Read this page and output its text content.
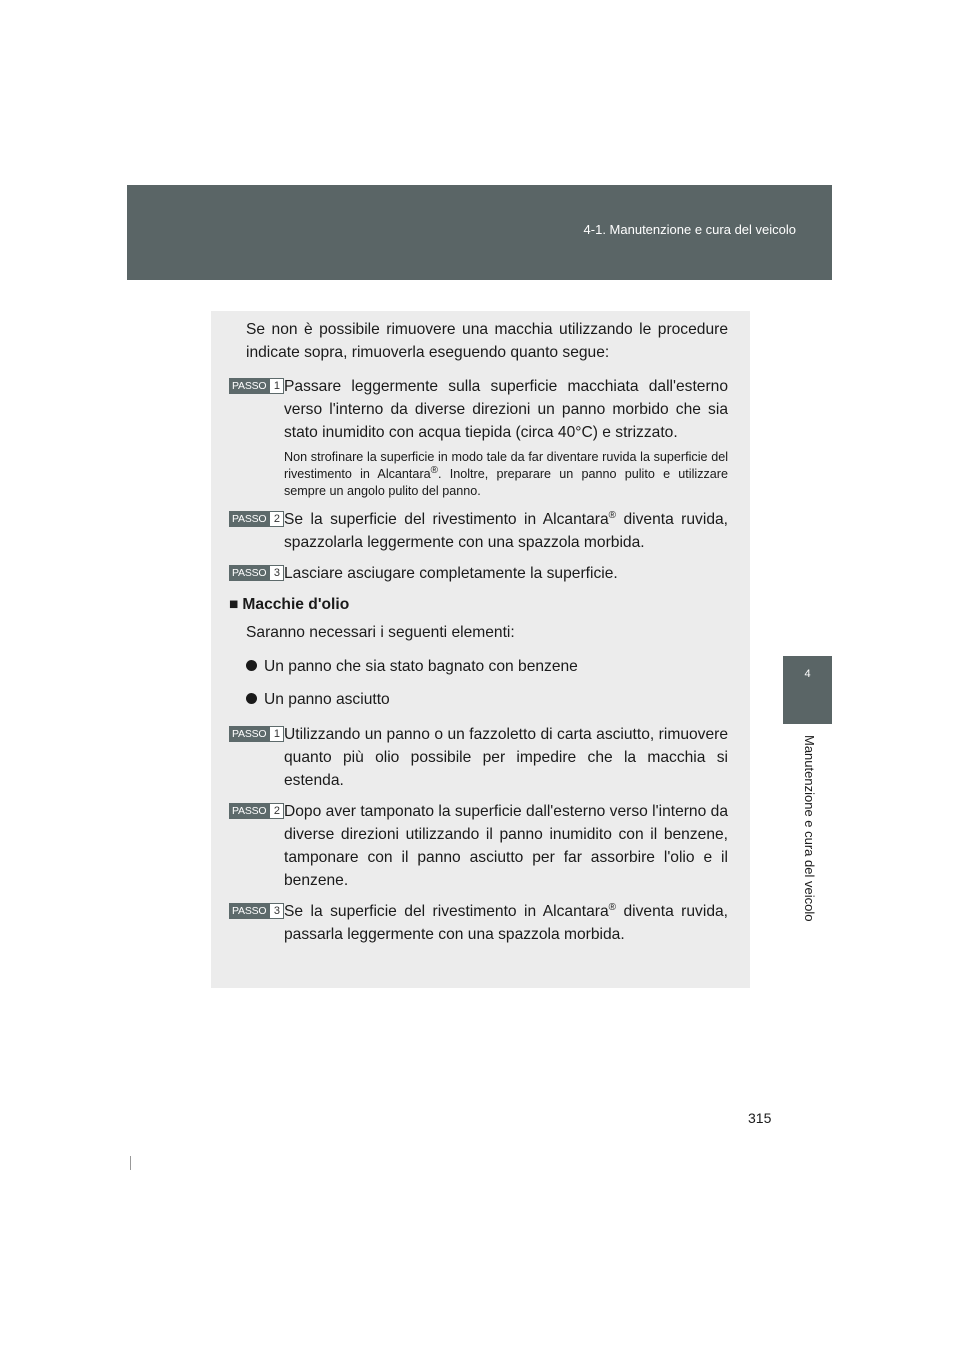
4-1. Manutenzione e cura del veicolo
4
Manutenzione e cura del veicolo

Se non è possibile rimuovere una macchia utilizzando le procedure indicate sopra, rimuoverla eseguendo quanto segue:

PASSO 1 Passare leggermente sulla superficie macchiata dall'esterno verso l'interno da diverse direzioni un panno morbido che sia stato inumidito con acqua tiepida (circa 40°C) e strizzato.

Non strofinare la superficie in modo tale da far diventare ruvida la superficie del rivestimento in Alcantara®. Inoltre, preparare un panno pulito e utilizzare sempre un angolo pulito del panno.

PASSO 2 Se la superficie del rivestimento in Alcantara® diventa ruvida, spazzolarla leggermente con una spazzola morbida.

PASSO 3 Lasciare asciugare completamente la superficie.

■ Macchie d'olio

Saranno necessari i seguenti elementi:

Un panno che sia stato bagnato con benzene

Un panno asciutto

PASSO 1 Utilizzando un panno o un fazzoletto di carta asciutto, rimuovere quanto più olio possibile per impedire che la macchia si estenda.

PASSO 2 Dopo aver tamponato la superficie dall'esterno verso l'interno da diverse direzioni utilizzando il panno inumidito con il benzene, tamponare con il panno asciutto per far assorbire l'olio e il benzene.

PASSO 3 Se la superficie del rivestimento in Alcantara® diventa ruvida, passarla leggermente con una spazzola morbida.

315
